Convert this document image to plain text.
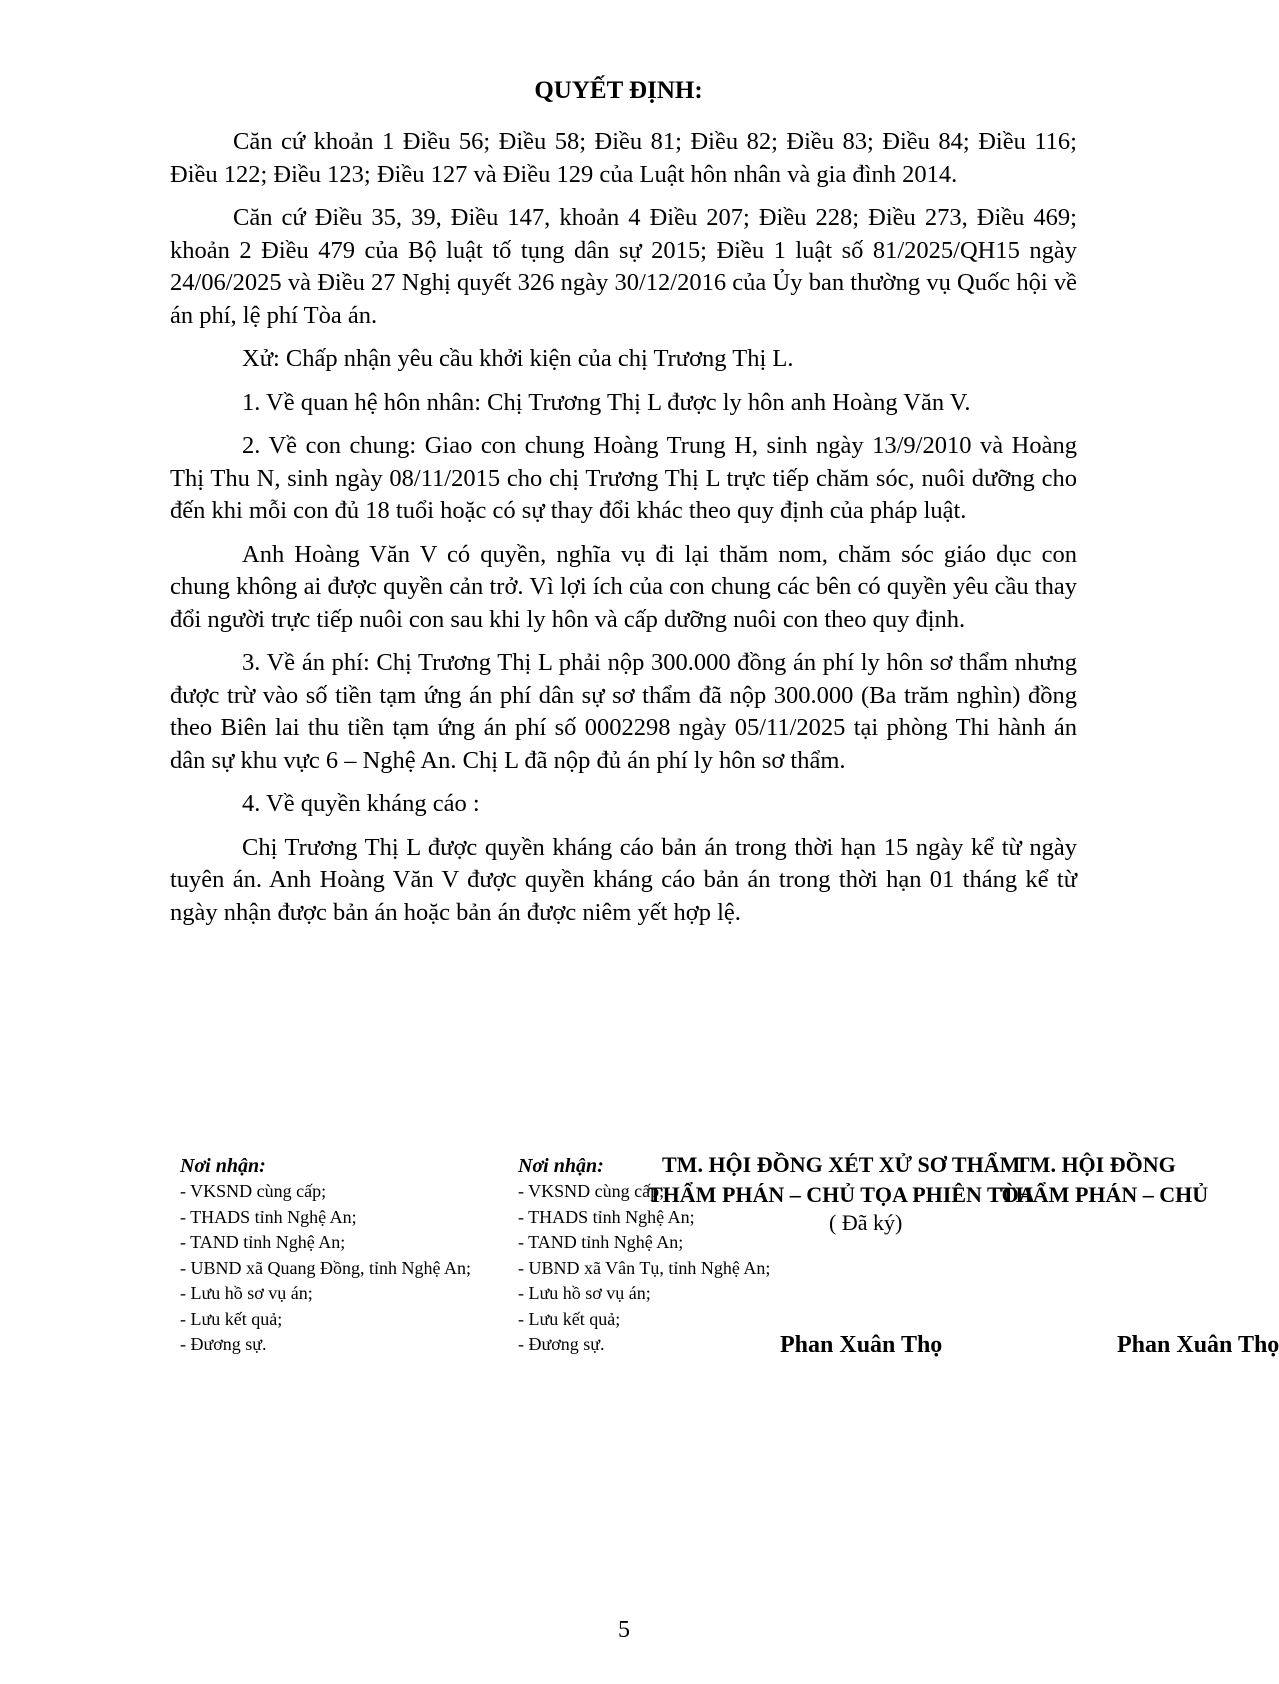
QUYẾT ĐỊNH:

Căn cứ khoản 1 Điều 56; Điều 58; Điều 81; Điều 82; Điều 83; Điều 84; Điều 116; Điều 122; Điều 123; Điều 127 và Điều 129 của Luật hôn nhân và gia đình 2014.

Căn cứ Điều 35, 39, Điều 147, khoản 4 Điều 207; Điều 228; Điều 273, Điều 469; khoản 2 Điều 479 của Bộ luật tố tụng dân sự 2015; Điều 1 luật số 81/2025/QH15 ngày 24/06/2025 và Điều 27 Nghị quyết 326 ngày 30/12/2016 của Ủy ban thường vụ Quốc hội về án phí, lệ phí Tòa án.

Xử: Chấp nhận yêu cầu khởi kiện của chị Trương Thị L.

1. Về quan hệ hôn nhân: Chị Trương Thị L được ly hôn anh Hoàng Văn V.

2. Về con chung: Giao con chung Hoàng Trung H, sinh ngày 13/9/2010 và Hoàng Thị Thu N, sinh ngày 08/11/2015 cho chị Trương Thị L trực tiếp chăm sóc, nuôi dưỡng cho đến khi mỗi con đủ 18 tuổi hoặc có sự thay đổi khác theo quy định của pháp luật.

Anh Hoàng Văn V có quyền, nghĩa vụ đi lại thăm nom, chăm sóc giáo dục con chung không ai được quyền cản trở. Vì lợi ích của con chung các bên có quyền yêu cầu thay đổi người trực tiếp nuôi con sau khi ly hôn và cấp dưỡng nuôi con theo quy định.

3. Về án phí: Chị Trương Thị L phải nộp 300.000 đồng án phí ly hôn sơ thẩm nhưng được trừ vào số tiền tạm ứng án phí dân sự sơ thẩm đã nộp 300.000 (Ba trăm nghìn) đồng theo Biên lai thu tiền tạm ứng án phí số 0002298 ngày 05/11/2025 tại phòng Thi hành án dân sự khu vực 6 – Nghệ An. Chị L đã nộp đủ án phí ly hôn sơ thẩm.

4. Về quyền kháng cáo :

Chị Trương Thị L được quyền kháng cáo bản án trong thời hạn 15 ngày kể từ ngày tuyên án. Anh Hoàng Văn V được quyền kháng cáo bản án trong thời hạn 01 tháng kể từ ngày nhận được bản án hoặc bản án được niêm yết hợp lệ.

Nơi nhận:
- VKSND cùng cấp;
- THADS tỉnh Nghệ An;
- TAND tỉnh Nghệ An;
- UBND xã Quang Đồng, tỉnh Nghệ An;
- Lưu hồ sơ vụ án;
- Lưu kết quả;
- Đương sự.
Nơi nhận:
- VKSND cùng cấp;
- THADS tỉnh Nghệ An;
- TAND tỉnh Nghệ An;
- UBND xã Vân Tụ, tỉnh Nghệ An;
- Lưu hồ sơ vụ án;
- Lưu kết quả;
- Đương sự.
TM. HỘI ĐỒNG XÉT XỬ SƠ THẨM
THẨM PHÁN – CHỦ TỌA PHIÊN TÒA
TM. HỘI ĐỒNG
THẨM PHÁN – CHỦ
( Đã ký)
Phan Xuân Thọ	Phan Xuân Thọ
5
